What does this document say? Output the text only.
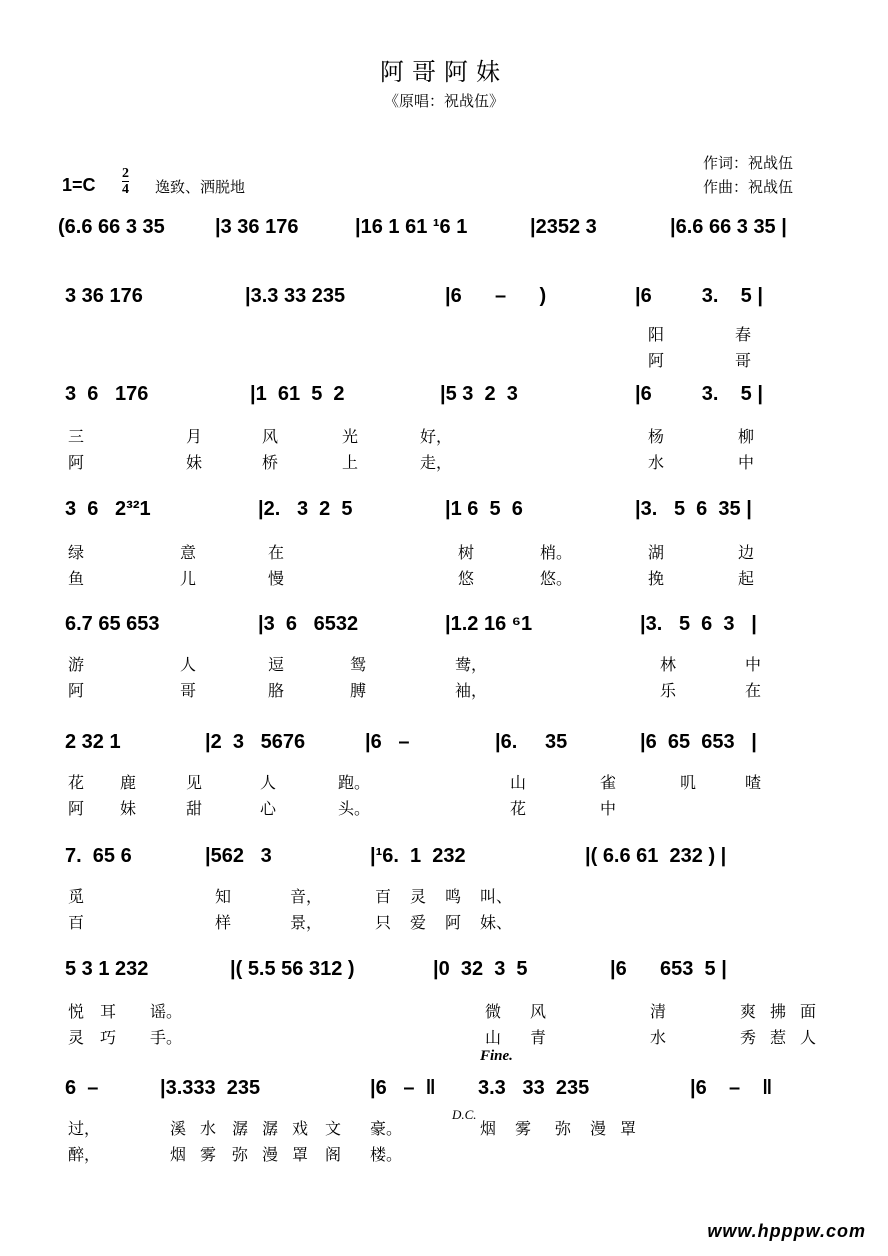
阿哥阿妹
《原唱：祝战伍》
作词：祝战伍
作曲：祝战伍
1=C
2
4 逸致、洒脱地
(6.6 66 3 35	|3 36 176	|16 1 61 ¹6 1	|2352 3	|6.6 66 3 35 |
3 36 176	|3.3 33 235	|6      –      )	|6         3.    5 |
阳	春
阿	哥
3  6   176	|1  61  5  2	|5 3  2  3	|6         3.    5 |
三	月	风	光	好，	杨	柳
阿	妹	桥	上	走，	水	中
3  6   2³²1	|2.   3  2  5	|1 6  5  6	|3.   5  6  35 |
绿	意	在	树	梢。	湖	边
鱼	儿	慢	悠	悠。	挽	起
6.7 65 653	|3  6   6532	|1.2 16 ⁶1	|3.   5  6  3   |
游	人	逗	鸳	鸯，	林	中
阿	哥	胳	膊	袖，	乐	在
2 32 1	|2  3   5676	|6   –	|6.     35	|6  65  653   |
花 鹿	见	人	跑。	山	雀	叽	喳
阿 妹	甜	心	头。	花	中
7.  65 6	|562   3	|¹6.  1  232	|( 6.6 61  232 ) |
觅	知	音，	百 灵 鸣 叫、
百	样	景，	只 爱 阿 妹、
5 3 1 232	|( 5.5 56 312 )	|0  32  3  5	|6      653  5 |
悦 耳 谣。	微 风	清	爽 拂 面
灵 巧 手。	山 青	水	秀 惹 人
6  –	|3.333  235	|6   –  ‖ 3.3   33  235	|6    –    ‖
过，	溪 水 潺 潺 戏 文 豪。	烟 雾 弥 漫 罩
醉，	烟 雾 弥 漫 罩 阁 楼。
Fine.
D.C.
www.hpppw.com
